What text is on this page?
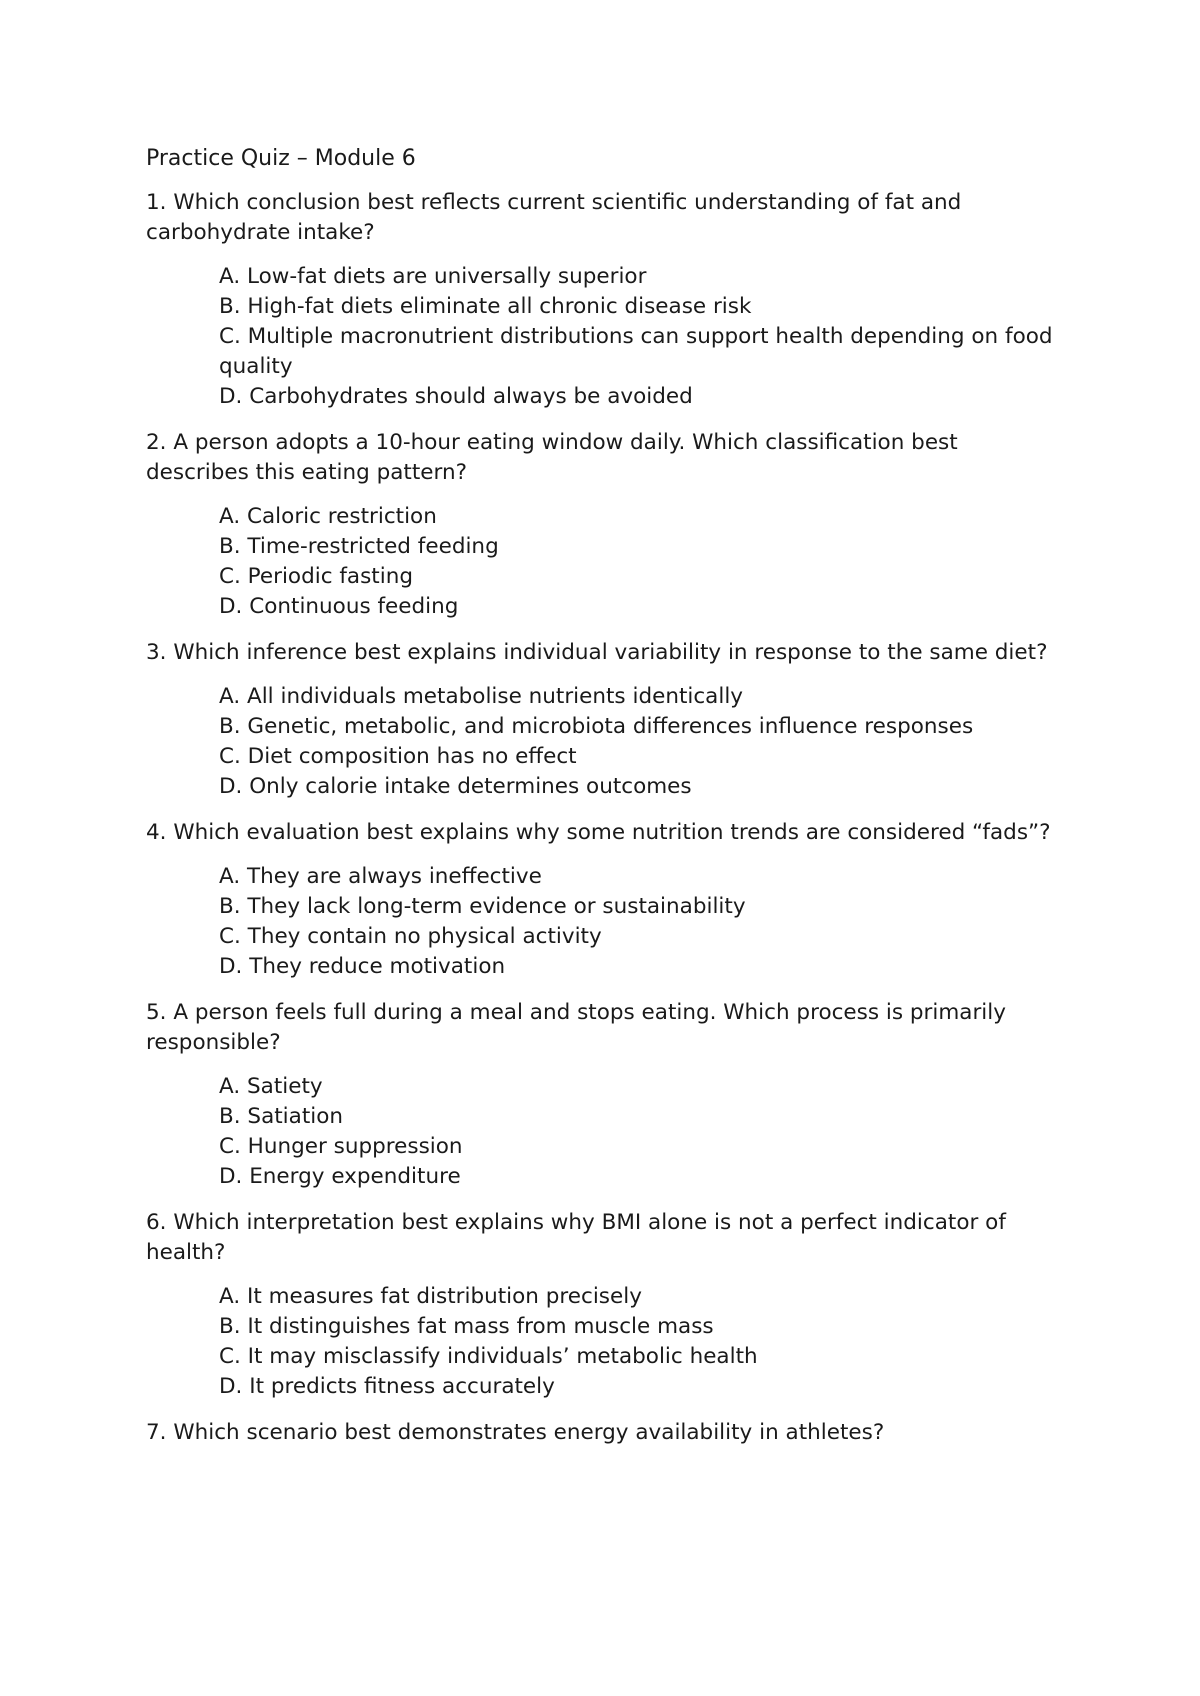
Practice Quiz – Module 6

1. Which conclusion best reflects current scientific understanding of fat and carbohydrate intake?

A. Low-fat diets are universally superior
B. High-fat diets eliminate all chronic disease risk
C. Multiple macronutrient distributions can support health depending on food quality
D. Carbohydrates should always be avoided

2. A person adopts a 10-hour eating window daily. Which classification best describes this eating pattern?

A. Caloric restriction
B. Time-restricted feeding
C. Periodic fasting
D. Continuous feeding

3. Which inference best explains individual variability in response to the same diet?

A. All individuals metabolise nutrients identically
B. Genetic, metabolic, and microbiota differences influence responses
C. Diet composition has no effect
D. Only calorie intake determines outcomes

4. Which evaluation best explains why some nutrition trends are considered “fads”?

A. They are always ineffective
B. They lack long-term evidence or sustainability
C. They contain no physical activity
D. They reduce motivation

5. A person feels full during a meal and stops eating. Which process is primarily responsible?

A. Satiety
B. Satiation
C. Hunger suppression
D. Energy expenditure

6. Which interpretation best explains why BMI alone is not a perfect indicator of health?

A. It measures fat distribution precisely
B. It distinguishes fat mass from muscle mass
C. It may misclassify individuals’ metabolic health
D. It predicts fitness accurately

7. Which scenario best demonstrates energy availability in athletes?
